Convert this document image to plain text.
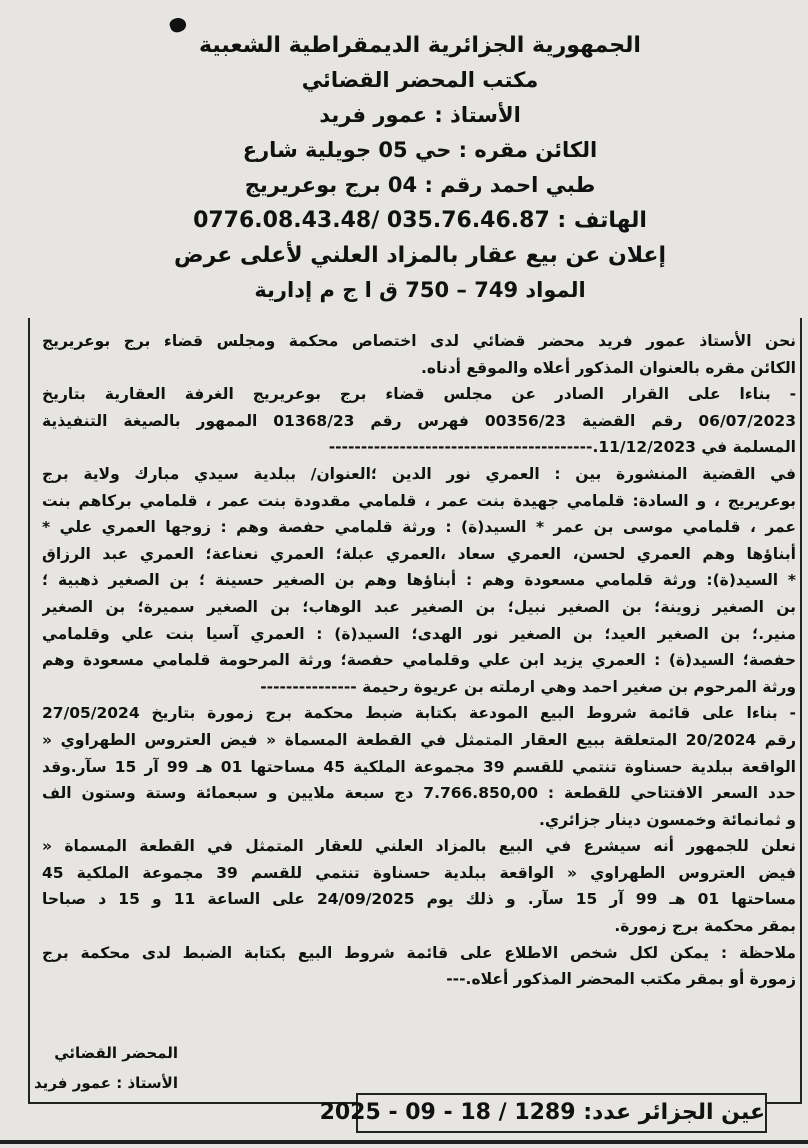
الجمهورية الجزائرية الديمقراطية الشعبية
مكتب المحضر القضائي
الأستاذ : عمور فريد
الكائن مقره : حي 05 جويلية شارع
طبي احمد رقم : 04 برج بوعريريج
الهاتف : 035.76.46.87 /0776.08.43.48
إعلان عن بيع عقار بالمزاد العلني لأعلى عرض
المواد 749 – 750 ق ا ج م إدارية
نحن الأستاذ عمور فريد محضر قضائي لدى اختصاص محكمة ومجلس قضاء برج بوعريريج
الكائن مقره بالعنوان المذكور أعلاه والموقع أدناه.
- بناءا على القرار الصادر عن مجلس قضاء برج بوعريريج الغرفة العقارية بتاريخ
06/07/2023 رقم القضية 00356/23 فهرس رقم 01368/23 الممهور بالصيغة التنفيذية
المسلمة في 11/12/2023.-----------------------------------------
في القضية المنشورة بين : العمري نور الدين ؛العنوان/ ببلدية سيدي مبارك ولاية برج
بوعريريج ، و السادة: قلمامي جهيدة بنت عمر ، قلمامي مقدودة بنت عمر ، قلمامي بركاهم بنت
عمر ، قلمامي موسى بن عمر * السيد(ة) : ورثة قلمامي حفصة وهم : زوجها العمري علي *
أبناؤها وهم العمري لحسن، العمري سعاد ،العمري عبلة؛ العمري نعناعة؛ العمري عبد الرزاق
* السيد(ة): ورثة قلمامي مسعودة وهم : أبناؤها وهم بن الصغير حسينة ؛ بن الصغير ذهبية ؛
بن الصغير زوينة؛ بن الصغير نبيل؛ بن الصغير عبد الوهاب؛ بن الصغير سميرة؛ بن الصغير
منير.؛ بن الصغير العيد؛ بن الصغير نور الهدى؛ السيد(ة) : العمري آسيا بنت علي وقلمامي
حفصة؛ السيد(ة) : العمري يزيد ابن علي وقلمامي حفصة؛ ورثة المرحومة قلمامي مسعودة وهم
ورثة المرحوم بن صغير احمد وهي ارملته بن عريوة رحيمة ---------------
- بناءا على قائمة شروط البيع المودعة بكتابة ضبط محكمة برج زمورة بتاريخ 27/05/2024
رقم 20/2024 المتعلقة ببيع العقار المتمثل في القطعة المسماة « فيض العتروس الطهراوي «
الواقعة ببلدية حسناوة تنتمي للقسم 39 مجموعة الملكية 45 مساحتها 01 هـ 99 آر 15 سآر.وقد
حدد السعر الافتتاحي للقطعة : 7.766.850,00 دج سبعة ملايين و سبعمائة وستة وستون الف
و ثمانمائة وخمسون دينار جزائري.
نعلن للجمهور أنه سيشرع في البيع بالمزاد العلني للعقار المتمثل في القطعة المسماة «
فيض العتروس الطهراوي « الواقعة ببلدية حسناوة تنتمي للقسم 39 مجموعة الملكية 45
مساحتها 01 هـ 99 آر 15 سآر. و ذلك يوم 24/09/2025 على الساعة 11 و 15 د صباحا
بمقر محكمة برج زمورة.
ملاحظة : يمكن لكل شخص الاطلاع على قائمة شروط البيع بكتابة الضبط لدى محكمة برج
زمورة أو بمقر مكتب المحضر المذكور أعلاه.---
المحضر القضائي
الأستاذ : عمور فريد
عين الجزائر عدد: 1289 / 18 - 09 - 2025
